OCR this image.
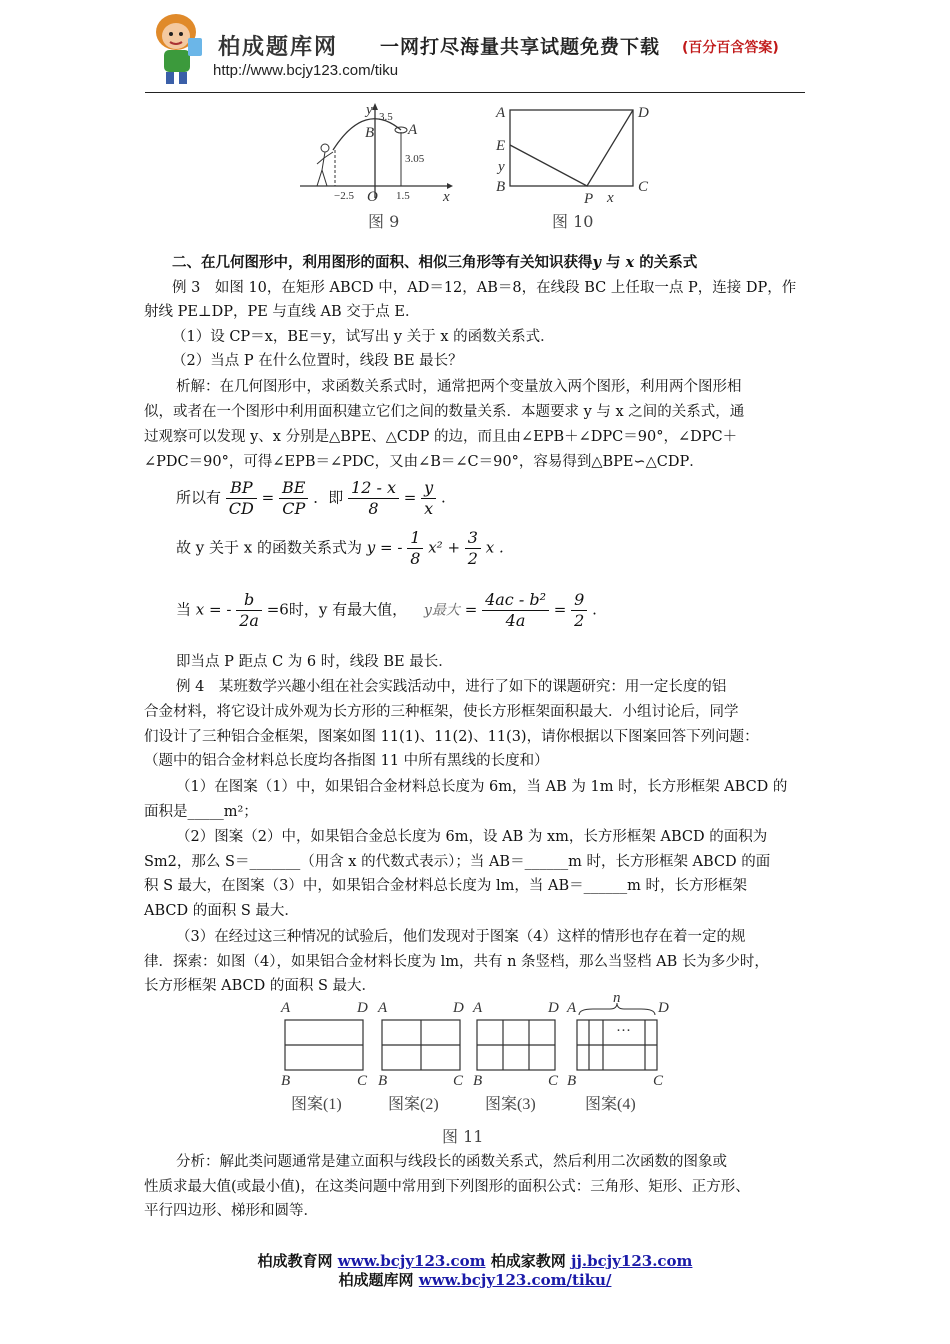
柏成题库网 一网打尽海量共享试题免费下载 (百分百含答案)
http://www.bcjy123.com/tiku
y 3.5
B A
3.05
−2.5 O 1.5 x
图 9
A	D
E
y
B
P x
C
图 10

二、在几何图形中，利用图形的面积、相似三角形等有关知识获得y 与 x 的关系式

例 3　如图 10，在矩形 ABCD 中，AD＝12，AB＝8，在线段 BC 上任取一点 P，连接 DP，作

射线 PE⊥DP，PE 与直线 AB 交于点 E．

（1）设 CP＝x，BE＝y，试写出 y 关于 x 的函数关系式．

（2）当点 P 在什么位置时，线段 BE 最长？

析解：在几何图形中，求函数关系式时，通常把两个变量放入两个图形，利用两个图形相

似，或者在一个图形中利用面积建立它们之间的数量关系．本题要求 y 与 x 之间的关系式，通

过观察可以发现 y、x 分别是△BPE、△CDP 的边，而且由∠EPB＋∠DPC＝90°，∠DPC＋

∠PDC＝90°，可得∠EPB＝∠PDC，又由∠B＝∠C＝90°，容易得到△BPE∽△CDP．

所以有 $\frac{BP}{CD} = \frac{BE}{CP}$ ．即 $\frac{12 - x}{8} = \frac{y}{x}$ .
故 y 关于 x 的函数关系式为 y = - $\frac{1}{8} x^2 + \frac{3}{2}$ x .
当 x = - $\frac{b}{2a} =6$时，y 有最大值， y最大 = $\frac{\text{4ac - b²}}{4a} = \frac{9}{2}$ .

即当点 P 距点 C 为 6 时，线段 BE 最长．

例 4　某班数学兴趣小组在社会实践活动中，进行了如下的课题研究：用一定长度的铝

合金材料，将它设计成外观为长方形的三种框架，使长方形框架面积最大．小组讨论后，同学

们设计了三种铝合金框架，图案如图 11(1)、11(2)、11(3)，请你根据以下图案回答下列问题：

（题中的铝合金材料总长度均各指图 11 中所有黑线的长度和）

（1）在图案（1）中，如果铝合金材料总长度为 6m，当 AB 为 1m 时，长方形框架 ABCD 的

面积是_____m²；

（2）图案（2）中，如果铝合金总长度为 6m，设 AB 为 xm，长方形框架 ABCD 的面积为

Sm2，那么 S＝_______（用含 x 的代数式表示）；当 AB＝______m 时，长方形框架 ABCD 的面

积 S 最大，在图案（3）中，如果铝合金材料总长度为 lm，当 AB＝______m 时，长方形框架

ABCD 的面积 S 最大．

（3）在经过这三种情况的试验后，他们发现对于图案（4）这样的情形也存在着一定的规

律．探索：如图（4），如果铝合金材料长度为 lm，共有 n 条竖档，那么当竖档 AB 长为多少时，

长方形框架 ABCD 的面积 S 最大．

A	D
B	C
A	D
B	C
A	D
B	C
A
n
D
···
B	C
图案(1)	图案(2)	图案(3)	图案(4)
图 11

分析：解此类问题通常是建立面积与线段长的函数关系式，然后利用二次函数的图象或

性质求最大值(或最小值)，在这类问题中常用到下列图形的面积公式：三角形、矩形、正方形、

平行四边形、梯形和圆等．

柏成教育网 www.bcjy123.com 柏成家教网 jj.bcjy123.com
柏成题库网 www.bcjy123.com/tiku/
